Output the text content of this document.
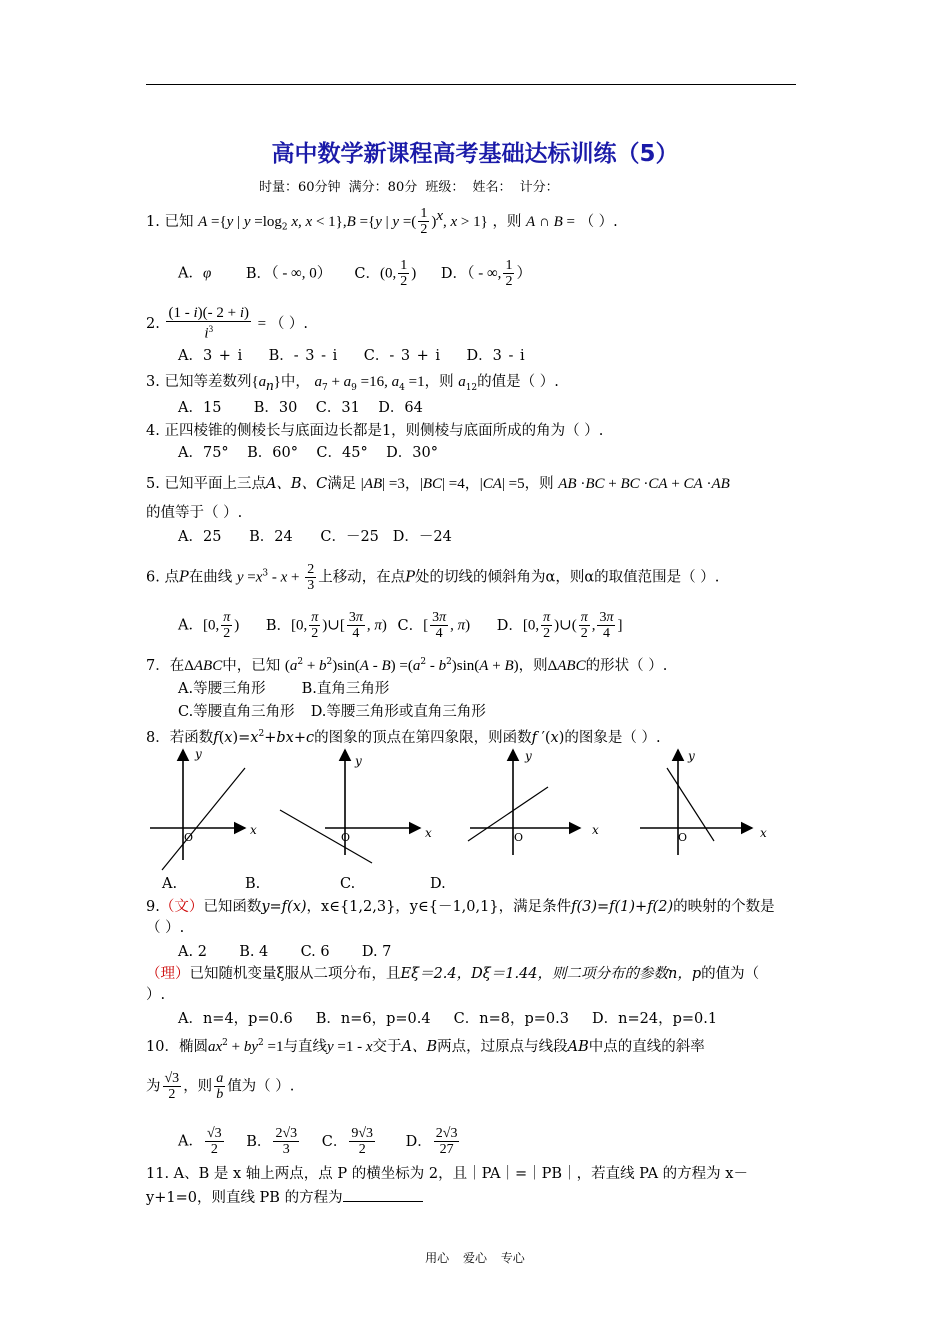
高中数学新课程高考基础达标训练（5）
时量：60分钟 满分：80分 班级： 姓名： 计分：
1. 已知 A ={y | $y =\log_2$ x, x < 1},B ={y | y =( $\frac{1}{2} )^x$, x > 1} ，则 A ∩ B = （ ）.
A．φ B．（ - ∞, 0） C．(0, $\frac{1}{2}$ ) D．（ - ∞, $\frac{1}{2}$ ）
2. $\frac{(1 - i)(- 2 + i)}{i^3}$ = （ ）.
A．3 + i B．- 3 - i C．- 3 + i D．3 - i
3. 已知等差数列$\{a_n\}$中， $a_7 + a_9 =16$, $a_4 =1$，则 $a_{12}$的值是（ ）.
A．15 B．30 C．31 D．64
4. 正四棱锥的侧棱长与底面边长都是1，则侧棱与底面所成的角为（ ）.
A．75° B．60° C．45° D．30°
5. 已知平面上三点A、B、C满足 |AB| =3，|BC| =4，|CA| =5，则 AB ·BC + BC ·CA + CA ·AB
的值等于（ ）.
A．25 B．24 C．－25 D．－24
6. 点P在曲线 $y =x^3 - x + \frac{2}{3}$ 上移动，在点P处的切线的倾斜角为α，则α的取值范围是（ ）.
A．[0, $\frac{\pi}{2}$ ) B．[0, $\frac{\pi}{2}$ )∪[ $\frac{3\pi}{4}$ , π) C．[ $\frac{3\pi}{4}$ , π) D．[0, $\frac{\pi}{2}$ )∪( $\frac{\pi}{2}$ , $\frac{3\pi}{4}$ ]
7．在ΔABC中，已知 $(a^2 + b^2)\sin(A - B) =(a^2 - b^2)\sin(A + B)$，则ΔABC的形状（ ）.
A.等腰三角形 B.直角三角形
C.等腰直角三角形 D.等腰三角形或直角三角形
8．若函数$f(x)=x^2+bx+c$的图象的顶点在第四象限，则函数f ′(x)的图象是（ ）.
y
x
O
y
x
O
y
x
O
y
x
O
A.	B.	C.	D.
9.（文）已知函数y=f(x)，x∈{1,2,3}，y∈{－1,0,1}，满足条件f(3)=f(1)+f(2)的映射的个数是
（ ）.
A. 2 B. 4 C. 6 D. 7
（理）已知随机变量ξ服从二项分布，且Eξ＝2.4，Dξ＝1.44，则二项分布的参数n，p的值为（
）.
A．n=4，p=0.6 B．n=6，p=0.4 C．n=8，p=0.3 D．n=24，p=0.1
10．椭圆$ax^2 + by^2 =1$与直线y =1 - x交于A、B两点，过原点与线段AB中点的直线的斜率
为 $\frac{√3}{2}$ ，则 $\frac{a}{b}$ 值为（ ）.
A． $\frac{√3}{2}$ B． $\frac{2√3}{3}$ C． $\frac{9√3}{2}$ D． $\frac{2√3}{27}$
11. A、B 是 x 轴上两点，点 P 的横坐标为 2，且｜PA｜=｜PB｜，若直线 PA 的方程为 x－
y+1=0，则直线 PB 的方程为
用心 爱心 专心
